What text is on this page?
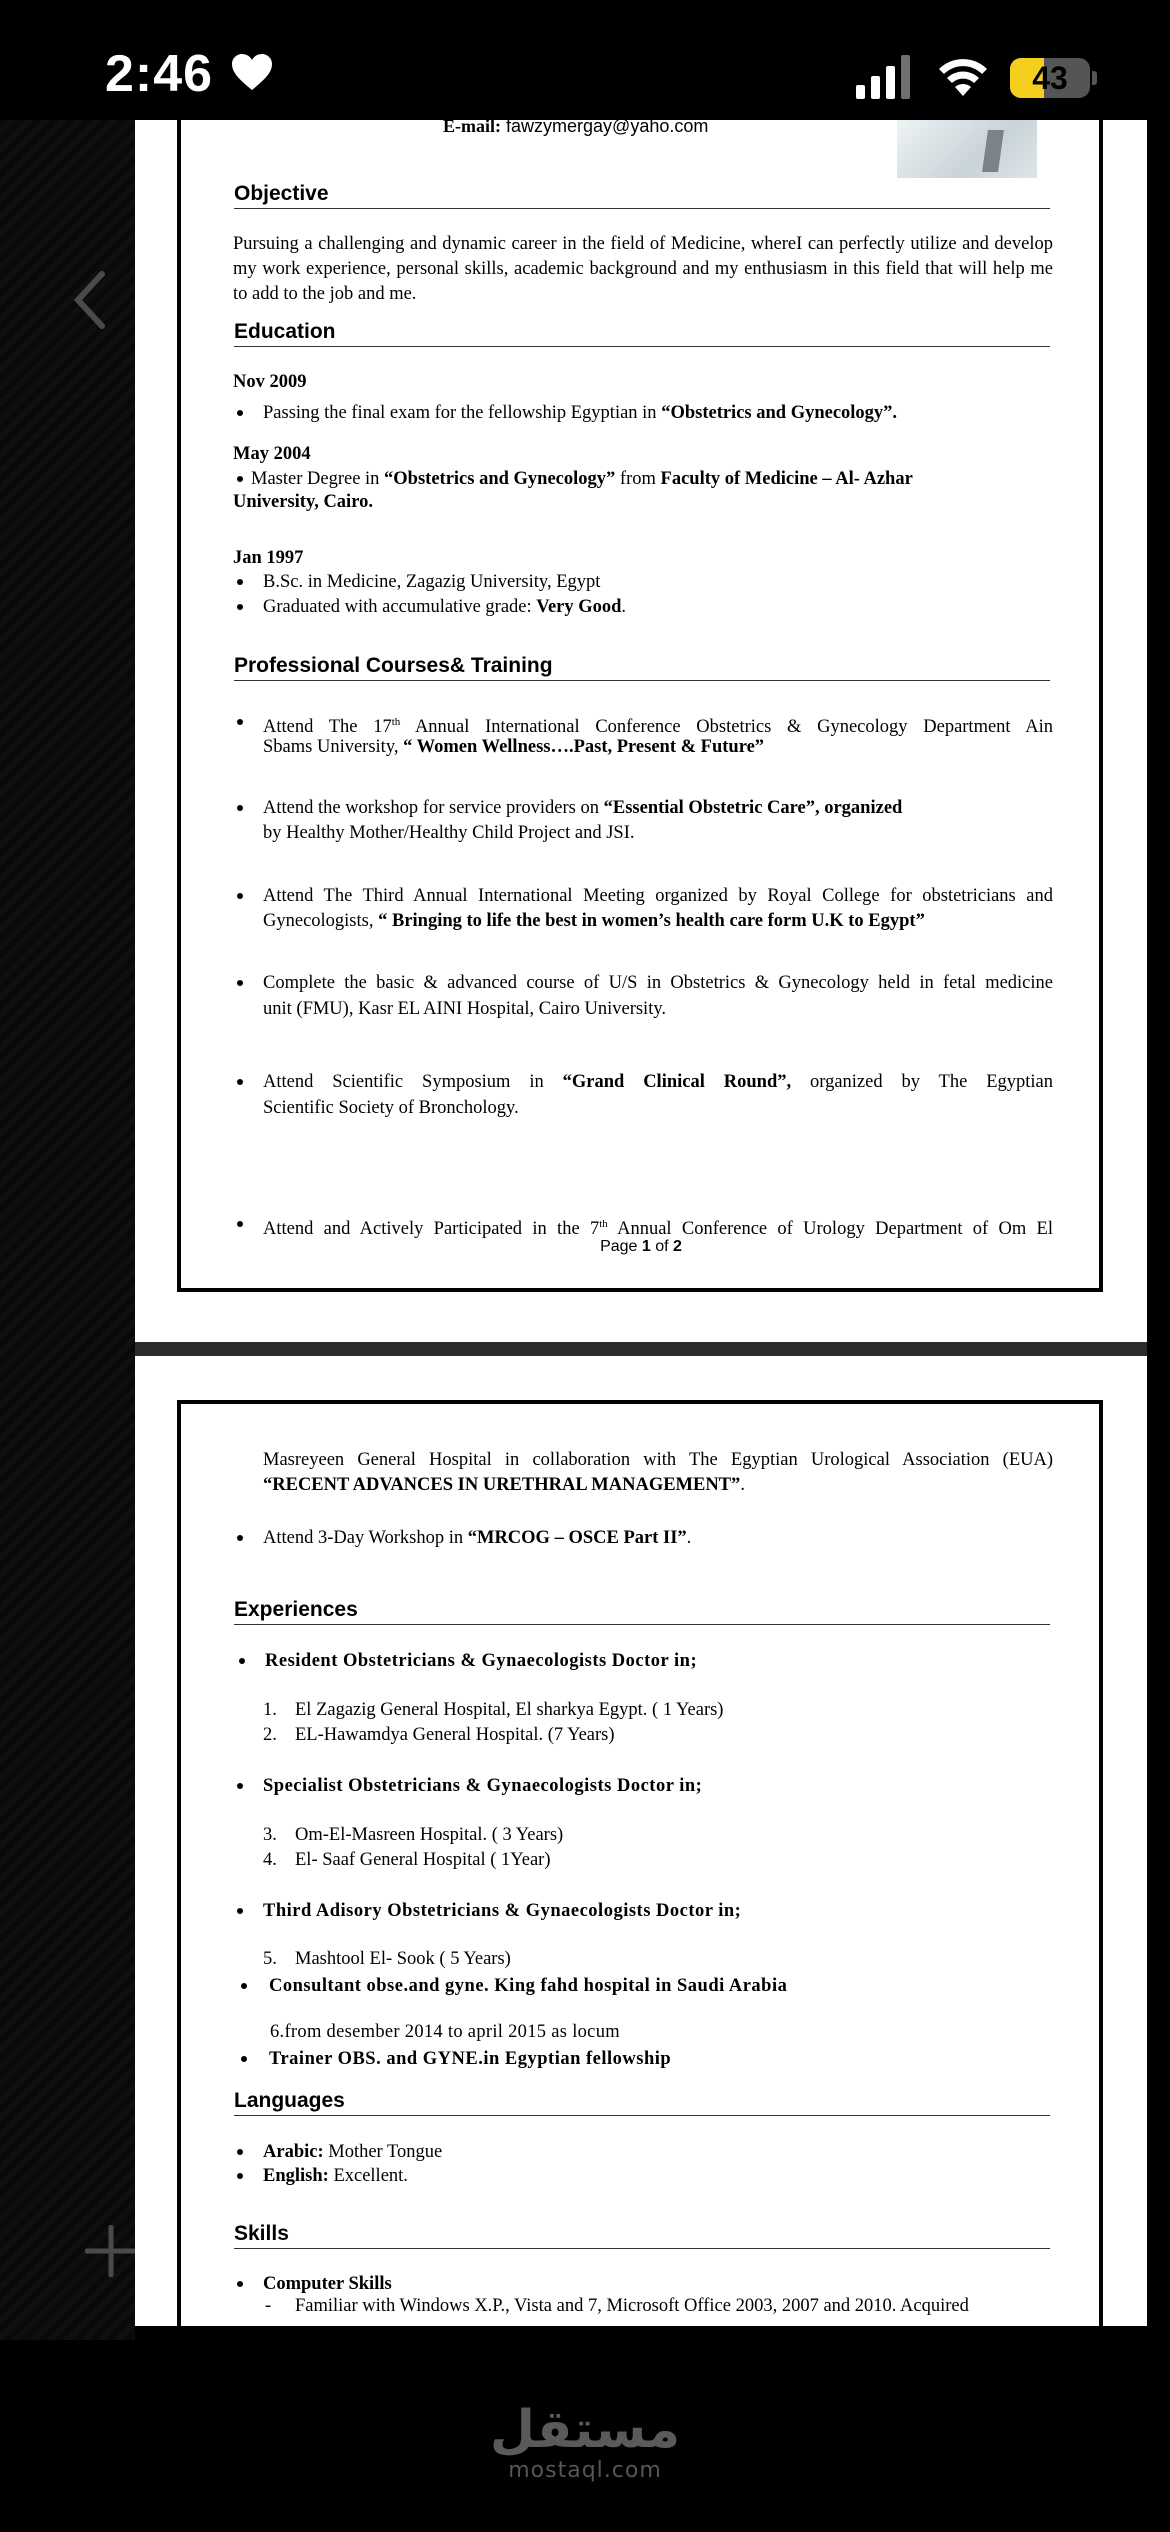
2:46	43
E-mail: fawzymergay@yaho.com
Objective
Pursuing a challenging and dynamic career in the field of Medicine, whereI can perfectly utilize and develop my work experience, personal skills, academic background and my enthusiasm in this field that will help me to add to the job and me.
Education
Nov 2009
Passing the final exam for the fellowship Egyptian in “Obstetrics and Gynecology”.
May 2004
Master Degree in “Obstetrics and Gynecology” from Faculty of Medicine – Al- Azhar
University, Cairo.
Jan 1997
B.Sc. in Medicine, Zagazig University, Egypt
Graduated with accumulative grade: Very Good.
Professional Courses& Training
Attend The 17th Annual International Conference Obstetrics & Gynecology Department Ain
Sbams University, “ Women Wellness….Past, Present & Future”
Attend the workshop for service providers on “Essential Obstetric Care”, organized
by Healthy Mother/Healthy Child Project and JSI.
Attend The Third Annual International Meeting organized by Royal College for obstetricians and
Gynecologists, “ Bringing to life the best in women’s health care form U.K to Egypt”
Complete the basic & advanced course of U/S in Obstetrics & Gynecology held in fetal medicine
unit (FMU), Kasr EL AINI Hospital, Cairo University.
Attend Scientific Symposium in “Grand Clinical Round”, organized by The Egyptian
Scientific Society of Bronchology.
Attend and Actively Participated in the 7th Annual Conference of Urology Department of Om El
Page 1 of 2
Masreyeen General Hospital in collaboration with The Egyptian Urological Association (EUA)
“RECENT ADVANCES IN URETHRAL MANAGEMENT”.
Attend 3-Day Workshop in “MRCOG – OSCE Part II”.
Experiences
Resident Obstetricians & Gynaecologists Doctor in;
1. El Zagazig General Hospital, El sharkya Egypt. ( 1 Years)
2. EL-Hawamdya General Hospital. (7 Years)
Specialist Obstetricians & Gynaecologists Doctor in;
3. Om-El-Masreen Hospital. ( 3 Years)
4. El- Saaf General Hospital ( 1Year)
Third Adisory Obstetricians & Gynaecologists Doctor in;
5. Mashtool El- Sook ( 5 Years)
Consultant obse.and gyne. King fahd hospital in Saudi Arabia
6.from desember 2014 to april 2015 as locum
Trainer OBS. and GYNE.in Egyptian fellowship
Languages
Arabic: Mother Tongue
English: Excellent.
Skills
Computer Skills
- Familiar with Windows X.P., Vista and 7, Microsoft Office 2003, 2007 and 2010. Acquired
مستقل
mostaql.com
